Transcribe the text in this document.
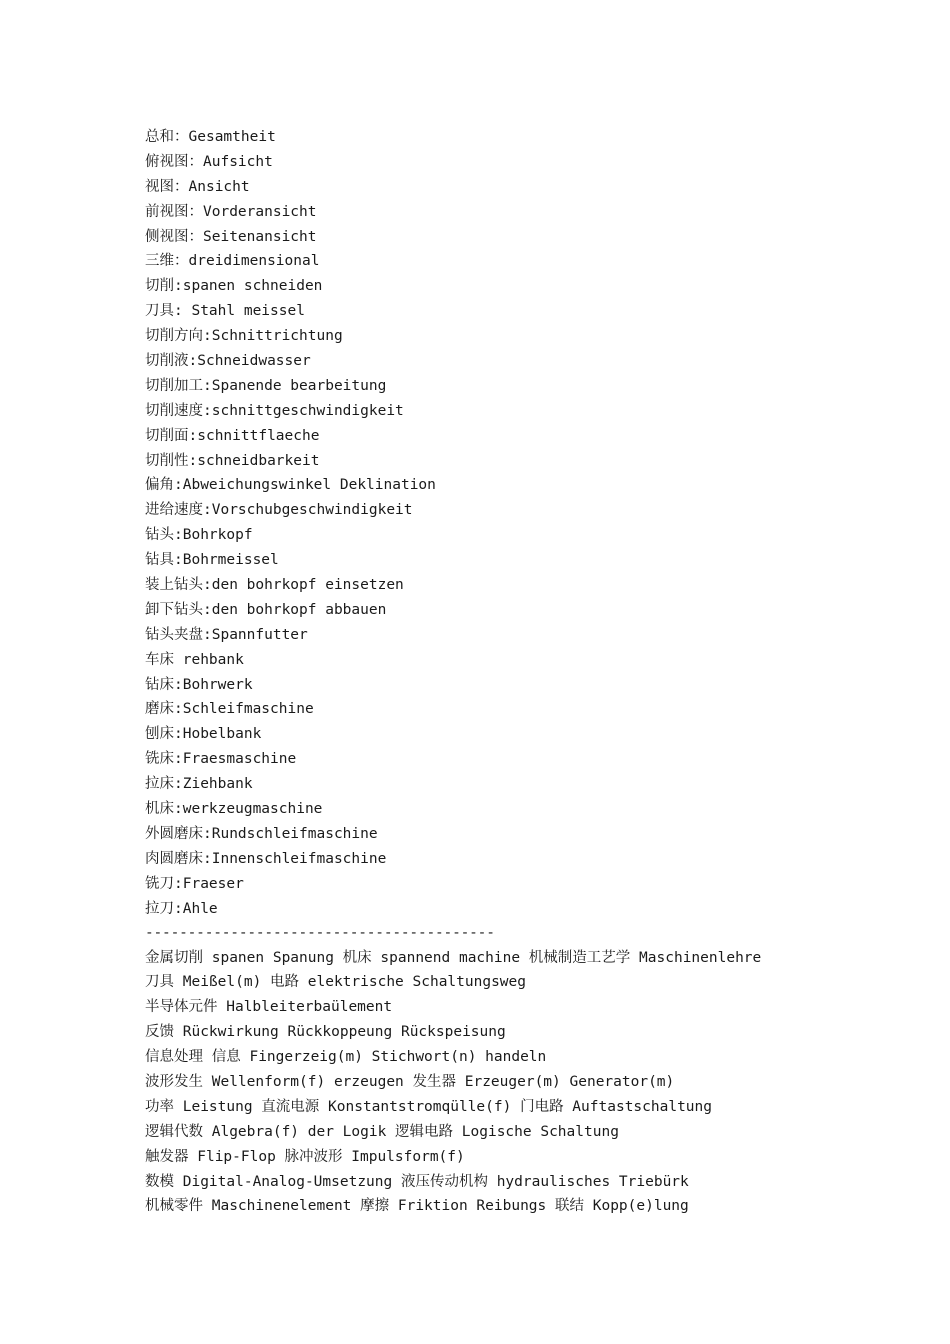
总和：Gesamtheit
俯视图：Aufsicht
视图：Ansicht
前视图：Vorderansicht
侧视图：Seitenansicht
三维：dreidimensional
切削:spanen schneiden
刀具: Stahl meissel
切削方向:Schnittrichtung
切削液:Schneidwasser
切削加工:Spanende bearbeitung
切削速度:schnittgeschwindigkeit
切削面:schnittflaeche
切削性:schneidbarkeit
偏角:Abweichungswinkel Deklination
进给速度:Vorschubgeschwindigkeit
钻头:Bohrkopf
钻具:Bohrmeissel
装上钻头:den bohrkopf einsetzen
卸下钻头:den bohrkopf abbauen
钻头夹盘:Spannfutter
车床 rehbank
钻床:Bohrwerk
磨床:Schleifmaschine
刨床:Hobelbank
铣床:Fraesmaschine
拉床:Ziehbank
机床:werkzeugmaschine
外圆磨床:Rundschleifmaschine
肉圆磨床:Innenschleifmaschine
铣刀:Fraeser
拉刀:Ahle
-----------------------------------------
金属切削 spanen Spanung 机床 spannend machine 机械制造工艺学 Maschinenlehre
刀具 Meißel(m) 电路 elektrische Schaltungsweg
半导体元件 Halbleiterbaülement
反馈 Rückwirkung Rückkoppeung Rückspeisung
信息处理 信息 Fingerzeig(m) Stichwort(n) handeln
波形发生 Wellenform(f) erzeugen 发生器 Erzeuger(m) Generator(m)
功率 Leistung 直流电源 Konstantstromqülle(f) 门电路 Auftastschaltung
逻辑代数 Algebra(f) der Logik 逻辑电路 Logische Schaltung
触发器 Flip-Flop 脉冲波形 Impulsform(f)
数模 Digital-Analog-Umsetzung 液压传动机构 hydraulisches Triebürk
机械零件 Maschinenelement 摩擦 Friktion Reibungs 联结 Kopp(e)lung
